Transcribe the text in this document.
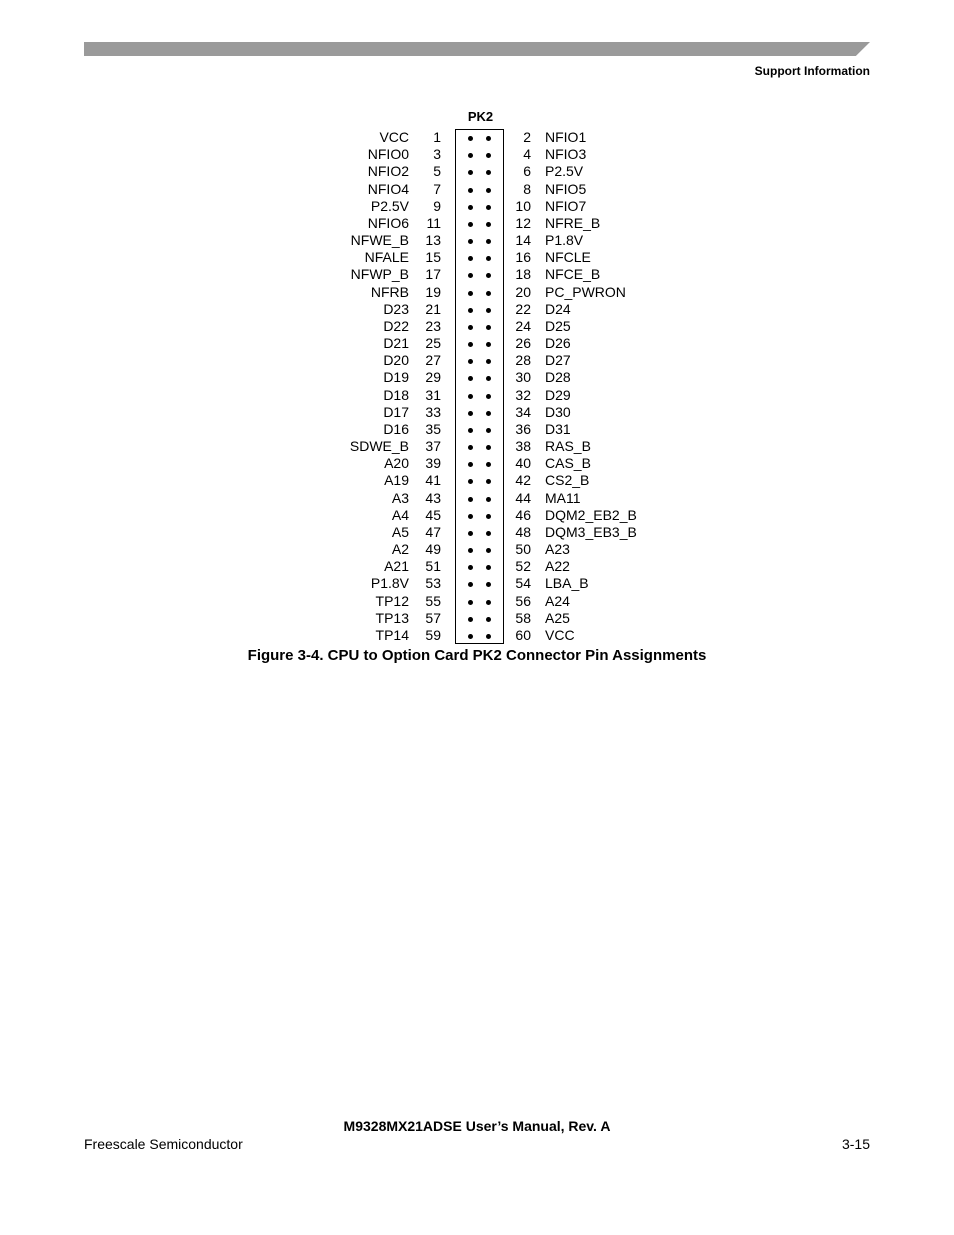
Support Information
PK2
VCC 1	2 NFIO1
NFIO0 3	4 NFIO3
NFIO2 5	6 P2.5V
NFIO4 7	8 NFIO5
P2.5V 9	10 NFIO7
NFIO6 11	12 NFRE_B
NFWE_B 13	14 P1.8V
NFALE 15	16 NFCLE
NFWP_B 17	18 NFCE_B
NFRB 19	20 PC_PWRON
D23 21	22 D24
D22 23	24 D25
D21 25	26 D26
D20 27	28 D27
D19 29	30 D28
D18 31	32 D29
D17 33	34 D30
D16 35	36 D31
SDWE_B 37	38 RAS_B
A20 39	40 CAS_B
A19 41	42 CS2_B
A3 43	44 MA11
A4 45	46 DQM2_EB2_B
A5 47	48 DQM3_EB3_B
A2 49	50 A23
A21 51	52 A22
P1.8V 53	54 LBA_B
TP12 55	56 A24
TP13 57	58 A25
TP14 59	60 VCC
Figure 3-4. CPU to Option Card PK2 Connector Pin Assignments
M9328MX21ADSE User’s Manual, Rev. A
Freescale Semiconductor	3-15
